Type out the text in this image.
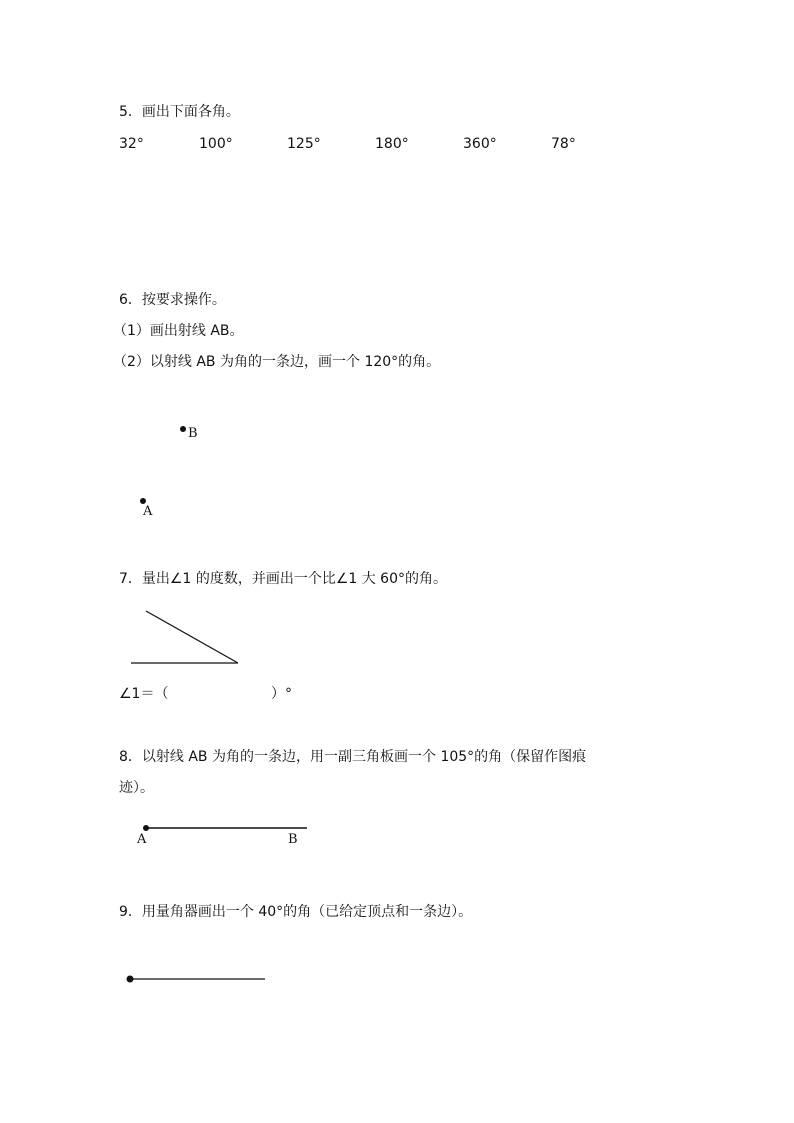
5．画出下面各角。
32°	100°	125°	180°	360°	78°
6．按要求操作。
（1）画出射线 AB。
（2）以射线 AB 为角的一条边，画一个 120°的角。
B
A
7．量出∠1 的度数，并画出一个比∠1 大 60°的角。
∠1＝（	）°
8．以射线 AB 为角的一条边，用一副三角板画一个 105°的角（保留作图痕
迹）。
A	B
9．用量角器画出一个 40°的角（已给定顶点和一条边）。
